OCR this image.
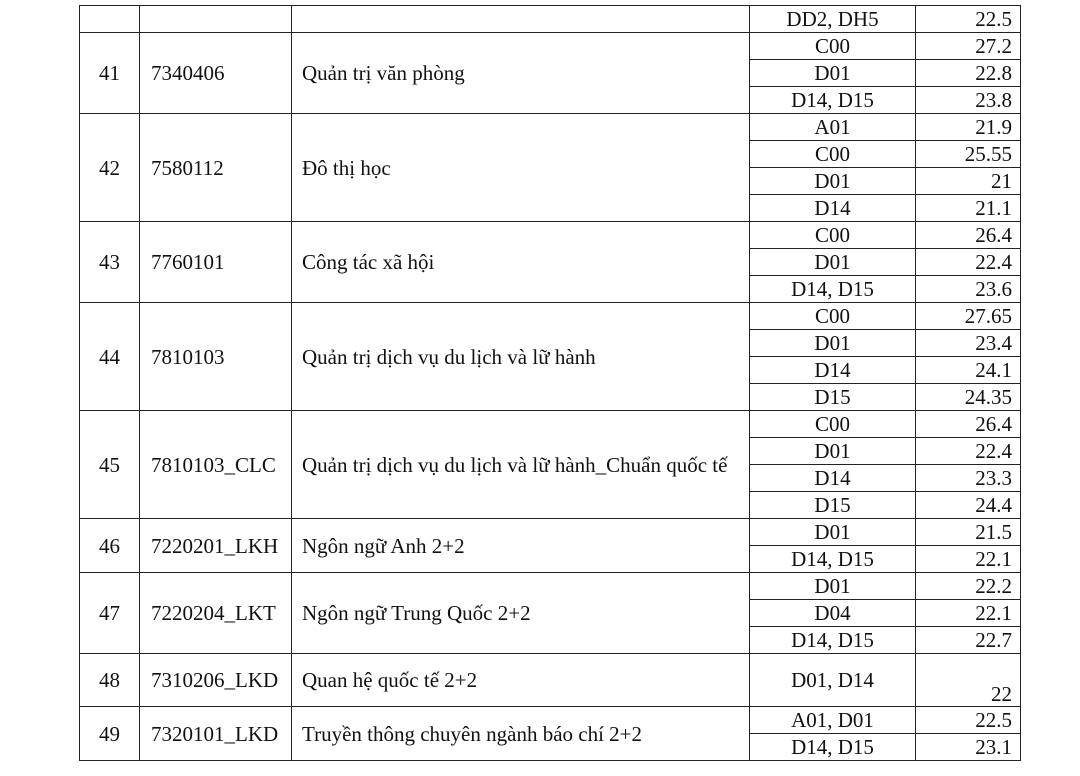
			DD2, DH5	22.5
41	7340406	Quản trị văn phòng	C00	27.2
			D01	22.8
			D14, D15	23.8
42	7580112	Đô thị học	A01	21.9
			C00	25.55
			D01	21
			D14	21.1
43	7760101	Công tác xã hội	C00	26.4
			D01	22.4
			D14, D15	23.6
44	7810103	Quản trị dịch vụ du lịch và lữ hành	C00	27.65
			D01	23.4
			D14	24.1
			D15	24.35
45	7810103_CLC	Quản trị dịch vụ du lịch và lữ hành_Chuẩn quốc tế	C00	26.4
			D01	22.4
			D14	23.3
			D15	24.4
46	7220201_LKH	Ngôn ngữ Anh 2+2	D01	21.5
			D14, D15	22.1
47	7220204_LKT	Ngôn ngữ Trung Quốc 2+2	D01	22.2
			D04	22.1
			D14, D15	22.7
48	7310206_LKD	Quan hệ quốc tế 2+2	D01, D14	22
49	7320101_LKD	Truyền thông chuyên ngành báo chí 2+2	A01, D01	22.5
			D14, D15	23.1
